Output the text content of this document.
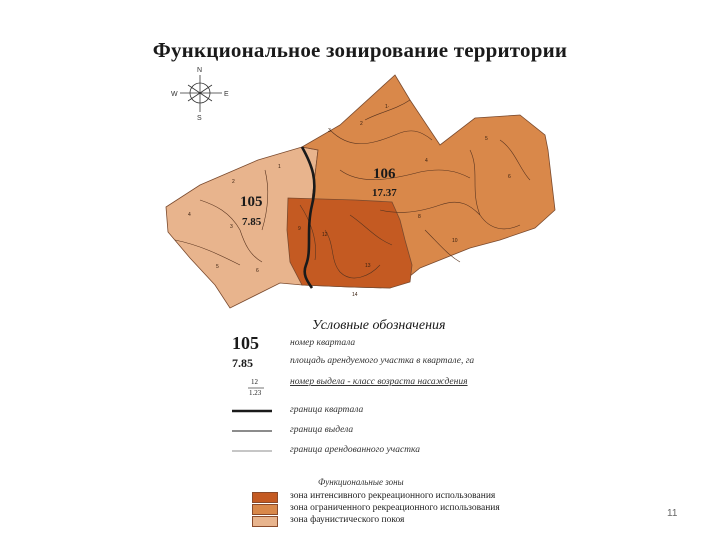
Функциональное зонирование территории
N
E
S
W
1·
2
3
4
5
6
8
10
2
1
4
3
5
6
9
12
13
14
105
7.85
106
17.37
Условные обозначения
105
7.85
12
1.23
номер квартала
площадь арендуемого участка в квартале, га
номер выдела - класс возраста насаждения
граница квартала
граница выдела
граница арендованного участка
Функциональные зоны
зона интенсивного рекреационного использования
зона ограниченного рекреационного использования
зона фаунистического покоя
11
